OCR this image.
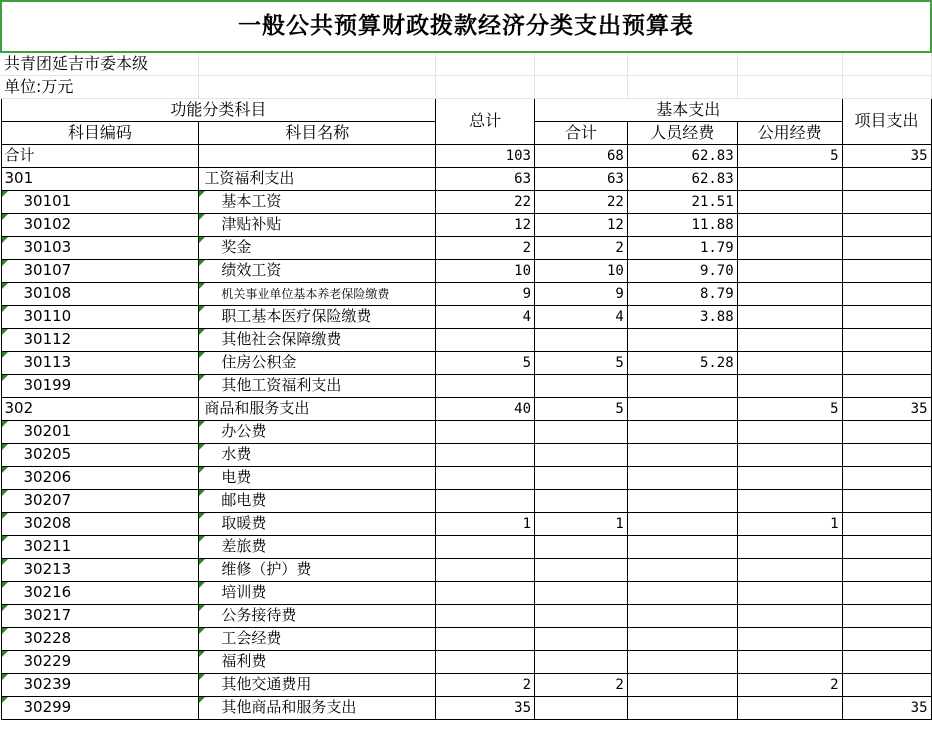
一般公共预算财政拨款经济分类支出预算表						
共青团延吉市委本级						
单位:万元						
功能分类科目		总计	基本支出			项目支出
科目编码	科目名称		合计	人员经费	公用经费	
合计		103	68	62.83	5	35
301	工资福利支出	63	63	62.83		

30101	基本工资	22	22	21.51		

30102	津贴补贴	12	12	11.88		

30103	奖金	2	2	1.79		

30107	绩效工资	10	10	9.70		

30108	机关事业单位基本养老保险缴费	9	9	8.79		

30110	职工基本医疗保险缴费	4	4	3.88		

30112	其他社会保障缴费					

30113	住房公积金	5	5	5.28		

30199	其他工资福利支出					
302	商品和服务支出	40	5		5	35

30201	办公费					

30205	水费					

30206	电费					

30207	邮电费					

30208	取暖费	1	1		1	

30211	差旅费					

30213	维修（护）费					

30216	培训费					

30217	公务接待费					

30228	工会经费					

30229	福利费					

30239	其他交通费用	2	2		2	

30299	其他商品和服务支出	35				35
